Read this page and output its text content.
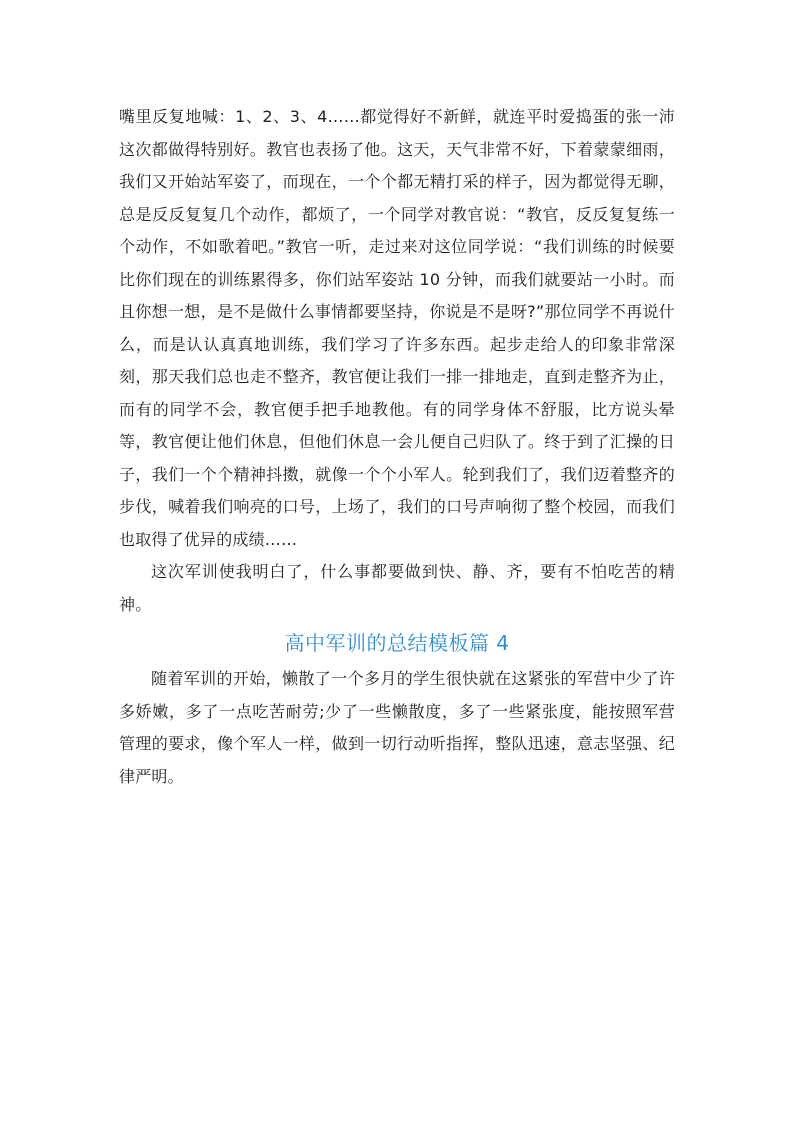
嘴里反复地喊：1、2、3、4……都觉得好不新鲜，就连平时爱捣蛋的张一沛这次都做得特别好。教官也表扬了他。这天，天气非常不好，下着蒙蒙细雨，我们又开始站军姿了，而现在，一个个都无精打采的样子，因为都觉得无聊，总是反反复复几个动作，都烦了，一个同学对教官说：“教官，反反复复练一个动作，不如歌着吧。”教官一听，走过来对这位同学说：“我们训练的时候要比你们现在的训练累得多，你们站军姿站 10 分钟，而我们就要站一小时。而且你想一想，是不是做什么事情都要坚持，你说是不是呀?”那位同学不再说什么，而是认认真真地训练，我们学习了许多东西。起步走给人的印象非常深刻，那天我们总也走不整齐，教官便让我们一排一排地走，直到走整齐为止，而有的同学不会，教官便手把手地教他。有的同学身体不舒服，比方说头晕等，教官便让他们休息，但他们休息一会儿便自己归队了。终于到了汇操的日子，我们一个个精神抖擞，就像一个个小军人。轮到我们了，我们迈着整齐的步伐，喊着我们响亮的口号，上场了，我们的口号声响彻了整个校园，而我们也取得了优异的成绩……

这次军训使我明白了，什么事都要做到快、静、齐，要有不怕吃苦的精神。

高中军训的总结模板篇 4

随着军训的开始，懒散了一个多月的学生很快就在这紧张的军营中少了许多娇嫩，多了一点吃苦耐劳;少了一些懒散度，多了一些紧张度，能按照军营管理的要求，像个军人一样，做到一切行动听指挥，整队迅速，意志坚强、纪律严明。
